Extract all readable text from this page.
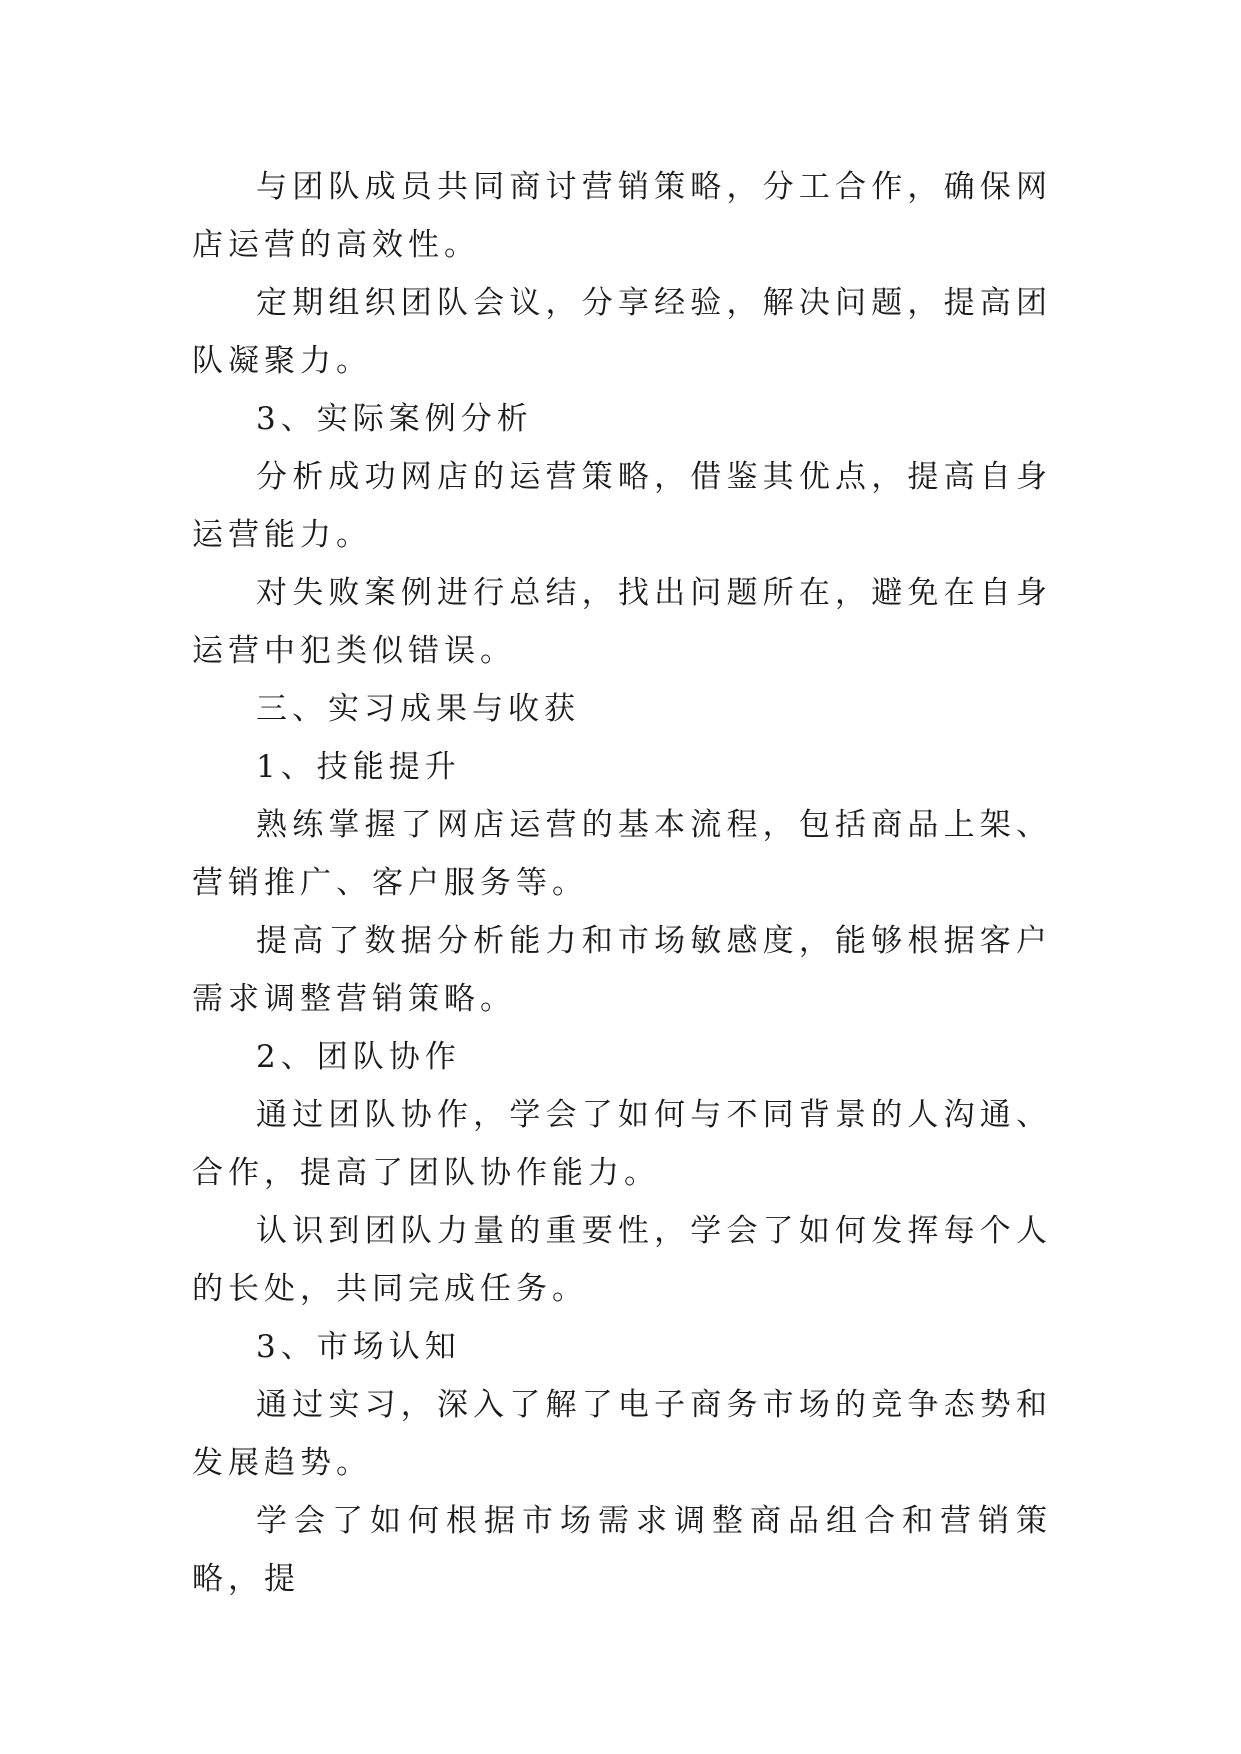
与团队成员共同商讨营销策略，分工合作，确保网店运营的高效性。

定期组织团队会议，分享经验，解决问题，提高团队凝聚力。

3、实际案例分析

分析成功网店的运营策略，借鉴其优点，提高自身运营能力。

对失败案例进行总结，找出问题所在，避免在自身运营中犯类似错误。

三、实习成果与收获

1、技能提升

熟练掌握了网店运营的基本流程，包括商品上架、营销推广、客户服务等。

提高了数据分析能力和市场敏感度，能够根据客户需求调整营销策略。

2、团队协作

通过团队协作，学会了如何与不同背景的人沟通、合作，提高了团队协作能力。

认识到团队力量的重要性，学会了如何发挥每个人的长处，共同完成任务。

3、市场认知

通过实习，深入了解了电子商务市场的竞争态势和发展趋势。

学会了如何根据市场需求调整商品组合和营销策略，提
